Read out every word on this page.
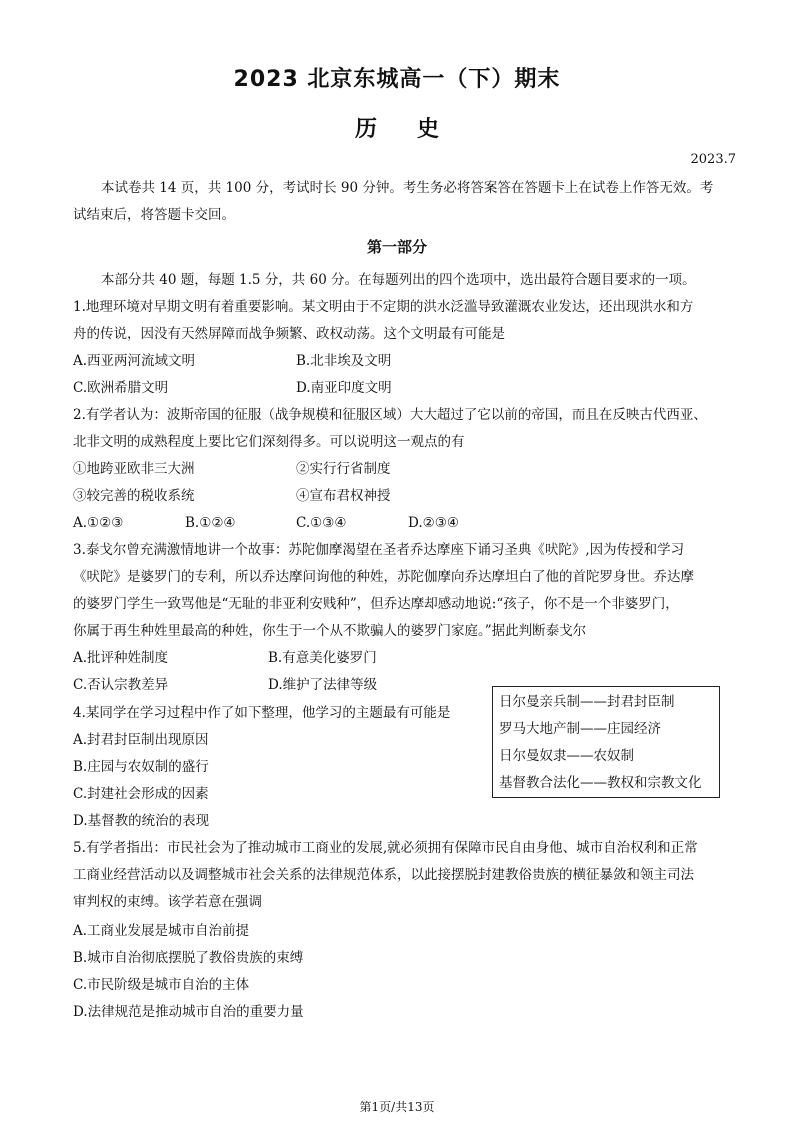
2023 北京东城高一（下）期末
历史
2023.7
本试卷共 14 页，共 100 分，考试时长 90 分钟。考生务必将答案答在答题卡上在试卷上作答无效。考
试结束后，将答题卡交回。
第一部分
本部分共 40 题，每题 1.5 分，共 60 分。在每题列出的四个选项中，选出最符合题目要求的一项。
1.地理环境对早期文明有着重要影响。某文明由于不定期的洪水泛滥导致灌溉农业发达，还出现洪水和方
舟的传说，因没有天然屏障而战争频繁、政权动荡。这个文明最有可能是
A.西亚两河流域文明	B.北非埃及文明
C.欧洲希腊文明	D.南亚印度文明
2.有学者认为：波斯帝国的征服（战争规模和征服区域）大大超过了它以前的帝国，而且在反映古代西亚、
北非文明的成熟程度上要比它们深刻得多。可以说明这一观点的有
①地跨亚欧非三大洲	②实行行省制度
③较完善的税收系统	④宣布君权神授
A.①②③	B.①②④	C.①③④	D.②③④
3.泰戈尔曾充满激情地讲一个故事：苏陀伽摩渴望在圣者乔达摩座下诵习圣典《吠陀》,因为传授和学习
《吠陀》是婆罗门的专利，所以乔达摩问询他的种姓，苏陀伽摩向乔达摩坦白了他的首陀罗身世。乔达摩
的婆罗门学生一致骂他是“无耻的非亚利安贱种”，但乔达摩却感动地说:“孩子，你不是一个非婆罗门，
你属于再生种姓里最高的种姓，你生于一个从不欺骗人的婆罗门家庭。”据此判断泰戈尔
A.批评种姓制度	B.有意美化婆罗门
C.否认宗教差异	D.维护了法律等级
4.某同学在学习过程中作了如下整理，他学习的主题最有可能是
日尔曼亲兵制——封君封臣制
罗马大地产制——庄园经济
日尔曼奴隶——农奴制
基督教合法化——教权和宗教文化
A.封君封臣制出现原因
B.庄园与农奴制的盛行
C.封建社会形成的因素
D.基督教的统治的表现
5.有学者指出：市民社会为了推动城市工商业的发展,就必须拥有保障市民自由身他、城市自治权利和正常
工商业经营活动以及调整城市社会关系的法律规范体系，以此接摆脱封建教俗贵族的横征暴敛和领主司法
审判权的束缚。该学若意在强调
A.工商业发展是城市自治前提
B.城市自治彻底摆脱了教俗贵族的束缚
C.市民阶级是城市自治的主体
D.法律规范是推动城市自治的重要力量
第1页/共13页
